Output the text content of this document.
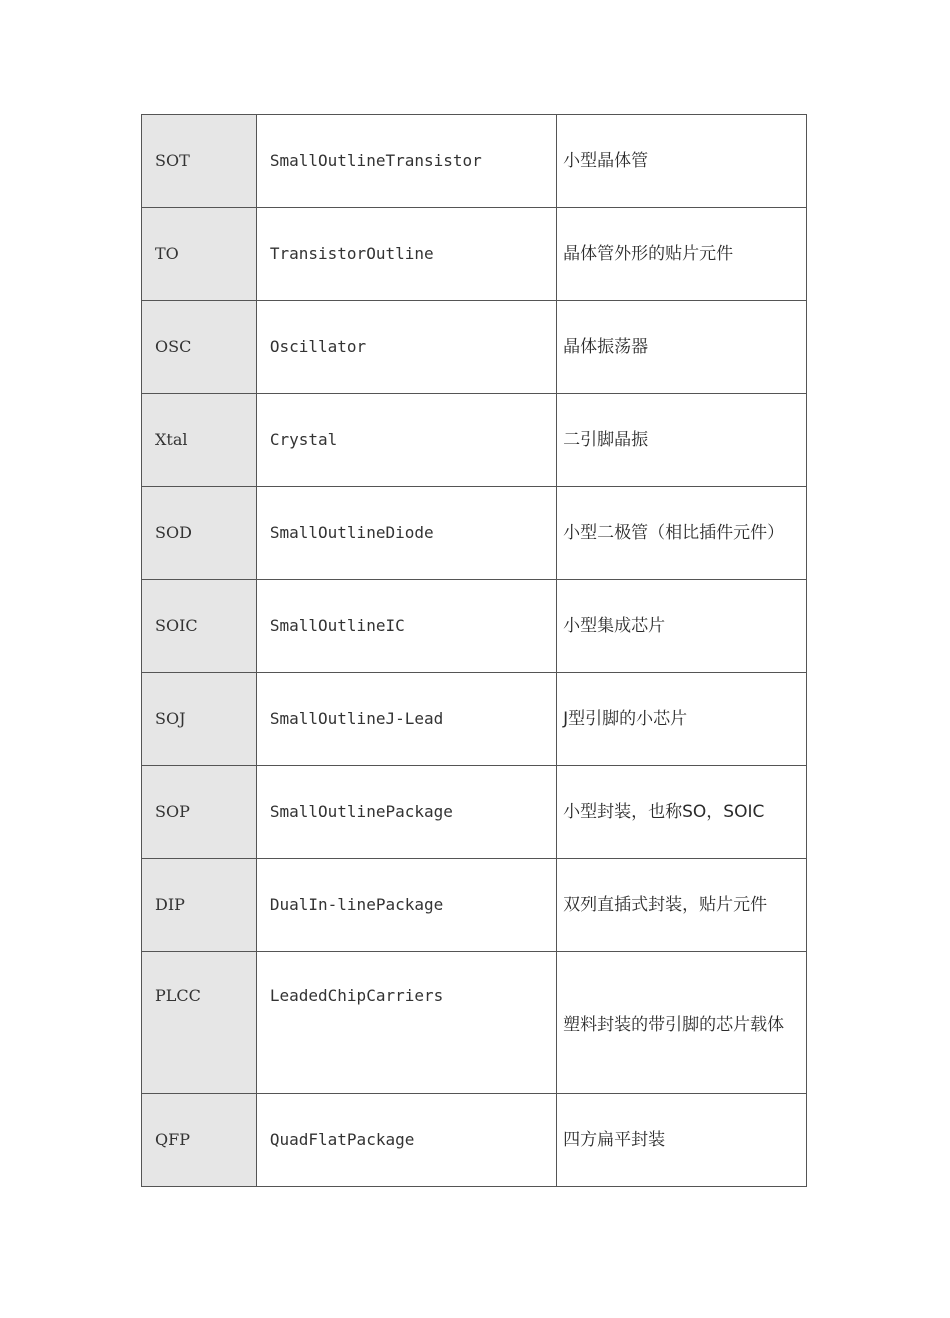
SOT	SmallOutlineTransistor	小型晶体管
TO	TransistorOutline	晶体管外形的贴片元件
OSC	Oscillator	晶体振荡器
Xtal	Crystal	二引脚晶振
SOD	SmallOutlineDiode	小型二极管（相比插件元件）
SOIC	SmallOutlineIC	小型集成芯片
SOJ	SmallOutlineJ-Lead	J型引脚的小芯片
SOP	SmallOutlinePackage	小型封装，也称SO，SOIC
DIP	DualIn-linePackage	双列直插式封装，贴片元件
PLCC	LeadedChipCarriers	塑料封装的带引脚的芯片载体
QFP	QuadFlatPackage	四方扁平封装
